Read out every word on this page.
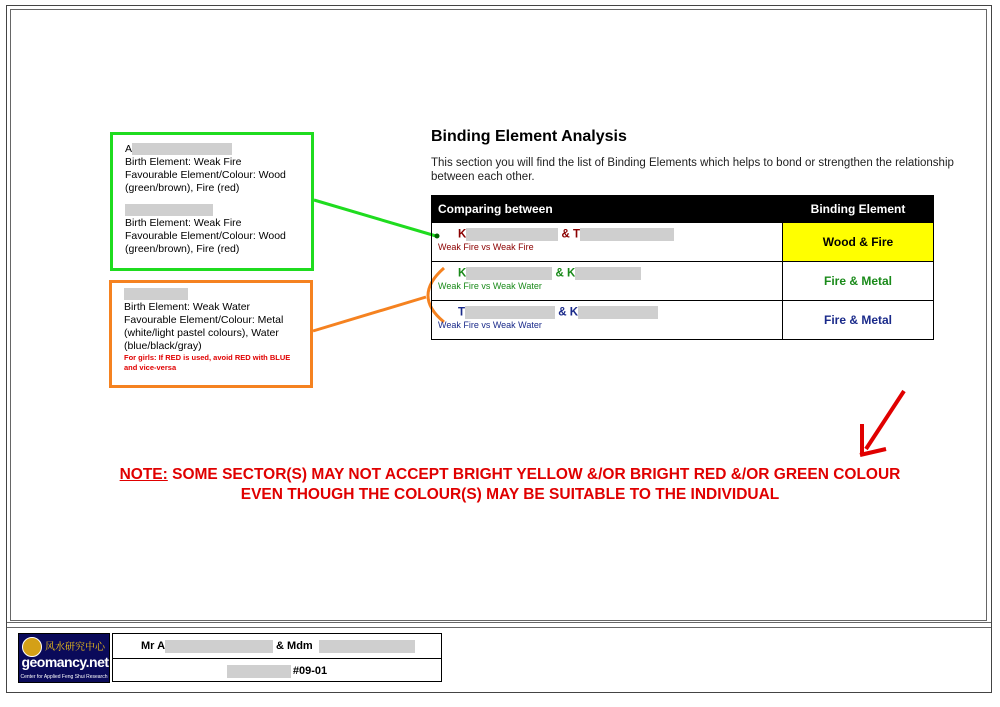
A

Birth Element: Weak Fire

Favourable Element/Colour: Wood (green/brown), Fire (red)

Birth Element: Weak Fire

Favourable Element/Colour: Wood (green/brown), Fire (red)

Birth Element: Weak Water

Favourable Element/Colour: Metal (white/light pastel colours), Water (blue/black/gray)

For girls: If RED is used, avoid RED with BLUE and vice-versa

Binding Element Analysis

This section you will find the list of Binding Elements which helps to bond or strengthen the relationship between each other.

Comparing between	Binding Element

K & T
Weak Fire vs Weak Fire	Wood & Fire

K & K
Weak Fire vs Weak Water	Fire & Metal

T & K
Weak Fire vs Weak Water	Fire & Metal

NOTE: SOME SECTOR(S) MAY NOT ACCEPT BRIGHT YELLOW &/OR BRIGHT RED &/OR GREEN COLOUR
EVEN THOUGH THE COLOUR(S) MAY BE SUITABLE TO THE INDIVIDUAL

风水研究中心
geomancy.net
Center for Applied Feng Shui Research
Mr A	& Mdm
#09-01
